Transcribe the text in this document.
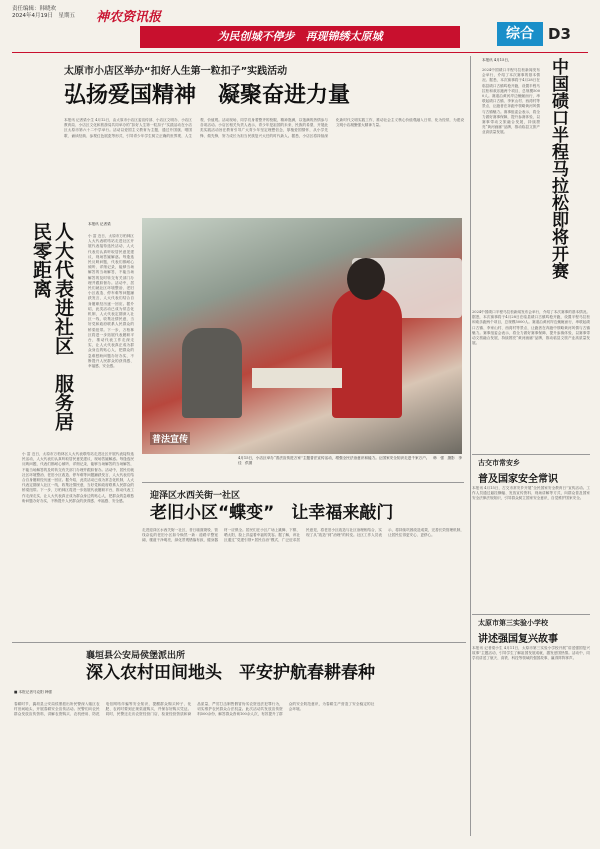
责任编辑：韩晓欢
2024年4月19日　星期五	神农资讯报
为民创城不停步　再现锦绣太原城	综合 D3
太原市小店区举办“扣好人生第一粒扣子”实践活动
弘扬爱国精神　凝聚奋进力量
本报讯 记者梁小生 4月12日，由太原市小店区委宣传部、小店区文明办、小店区教育局、小店区文化和旅游局共同举办的“扣好人生第一粒扣子”实践活动在小店区太原市第六十二中学举行。活动以爱国主义教育为主题，通过升国旗、唱国歌、诵读经典、参观红色展览等形式，引导青少年学生树立正确的世界观、人生观、价值观。活动现场，同学们身着整齐的校服，精神饱满，以饱满的热情参与各项活动。小店区相关负责人表示，青少年是祖国的未来、民族的希望，开展此类实践活动旨在教育引导广大青少年坚定理想信念，厚植爱国情怀，从小学先锋、做先锋，努力成长为担当民族复兴大任的时代新人。据悉，小店区将持续深化新时代文明实践工作，推动社会主义核心价值观融入日常、化为经常，为建设文明小店凝聚强大精神力量。
人大代表进社区　服务居民零距离	本报讯 记者梁
小 富 近日，太原市万柏林区人大代表联络站走进社区开展代表接待选民活动，人大代表们认真听取居民意见建议，现场答疑解惑。每逢选民反映问题，代表们都耐心倾听、详细记录，能够当场解答的当场解答，不能当场解答的及时转交有关部门办理并跟踪督办。活动中，居民们就社区环境整治、老旧小区改造、停车难等问题踊跃发言，人大代表们结合自身履职经历逐一回应。据介绍，此类活动已成为常态化机制，人大代表定期深入社区一线，收集社情民意，当好党和政府联系人民群众的桥梁纽带。下一步，万柏林区将进一步拓展代表履职平台，推动代表工作走深走实，让人大代表真正成为群众身边的贴心人，把群众的急难愁盼问题办好办实，不断提升人民群众的获得感、幸福感、安全感。
小 富 近日，太原市万柏林区人大代表联络站走进社区开展代表接待选民活动，人大代表们认真听取居民意见建议，现场答疑解惑。每逢选民反映问题，代表们都耐心倾听、详细记录，能够当场解答的当场解答，不能当场解答的及时转交有关部门办理并跟踪督办。活动中，居民们就社区环境整治、老旧小区改造、停车难等问题踊跃发言，人大代表们结合自身履职经历逐一回应。据介绍，此类活动已成为常态化机制，人大代表定期深入社区一线，收集社情民意，当好党和政府联系人民群众的桥梁纽带。下一步，万柏林区将进一步拓展代表履职平台，推动代表工作走深走实，让人大代表真正成为群众身边的贴心人，把群众的急难愁盼问题办好办实，不断提升人民群众的获得感、幸福感、安全感。
普法宣传
4月15日，小店区举办“普法宣传进万家”主题普法宣传活动，增强全民法治意识和能力。让国家安全知识走进千家万户。　韩　强　摄影　李佳　供图
中国碛口半程马拉松即将开赛
本报讯 4月15日，
2024中国碛口半程马拉松新闻发布会举行，介绍了本次赛事的基本情况。据悉，本次赛事将于4月28日在临县碛口古镇鸣枪开跑，设置半程马拉松和欢乐跑两个项目，总规模5000人。赛道沿黄河岸边蜿蜒而行，串联起碛口古镇、李家山村、西湾村等景点，让跑者在奔跑中领略黄河风情与古镇魅力。赛事组委会表示，将全力做好赛事保障，提升参赛体验，以赛事带动文旅融合发展，持续擦亮“黄河画廊”品牌，推动临县文旅产业高质量发展。
2024中国碛口半程马拉松新闻发布会举行，介绍了本次赛事的基本情况。据悉，本次赛事将于4月28日在临县碛口古镇鸣枪开跑，设置半程马拉松和欢乐跑两个项目，总规模5000人。赛道沿黄河岸边蜿蜒而行，串联起碛口古镇、李家山村、西湾村等景点，让跑者在奔跑中领略黄河风情与古镇魅力。赛事组委会表示，将全力做好赛事保障，提升参赛体验，以赛事带动文旅融合发展，持续擦亮“黄河画廊”品牌，推动临县文旅产业高质量发展。
迎泽区水西关街一社区
老旧小区“蝶变”　让幸福来敲门
走进迎泽区水西关街一社区，昔日墙面斑驳、管线杂乱的老旧小区如今焕然一新：道路平整宽阔，楼道干净明亮，绿化景观错落有致，健身器材一应俱全。居民们在小区广场上跳舞、下棋、晒太阳，脸上洋溢着幸福的笑容。据了解，该社区通过“党建引领+居民自治”模式，广泛征求居民意见，将老旧小区改造与社区治理相结合，实现了从“改造”到“治理”的转变。社区工作人员表示，将持续巩固改造成果，完善长效管理机制，让居民住得更安心、更舒心。
古交市常安乡
普及国家安全常识
本报讯 4月15日，古交市常安乡开展“全民国家安全教育日”宣传活动。工作人员通过悬挂横幅、发放宣传资料、现场讲解等方式，向群众普及国家安全法律法规知识，引导群众树立国家安全意识，自觉维护国家安全。
太原市第三实验小学校
讲述强国复兴故事
本报讯 记者梁小生 4月11日，太原市第三实验小学校开展“讲述强国复兴故事”主题活动，引导学生了解祖国发展成就，激发爱国热情。活动中，同学们讲述了航天、高铁、科技等领域的强国故事，赢得阵阵掌声。
襄垣县公安局侯堡派出所
深入农村田间地头　平安护航春耕春种
■ 本报记者马克阳 韩强
春耕时节，襄垣县公安局侯堡派出所民警深入辖区农村田间地头，开展春耕安全宣传活动。民警们向农民群众发放宣传资料，讲解农资购买、农机使用、防范电信网络诈骗等安全知识，提醒群众购买种子、化肥、农药时要到正规渠道购买，并保存好购买凭证。同时，民警还走访农资经营门店，检查经营资质和商品质量，严厉打击制售假冒伪劣农资违法犯罪行为，切实维护农民群众合法权益。此次活动共发放宣传资料500余份，解答群众咨询100余人次，有效提升了群众的安全防范意识，为春耕生产营造了安全稳定的社会环境。
